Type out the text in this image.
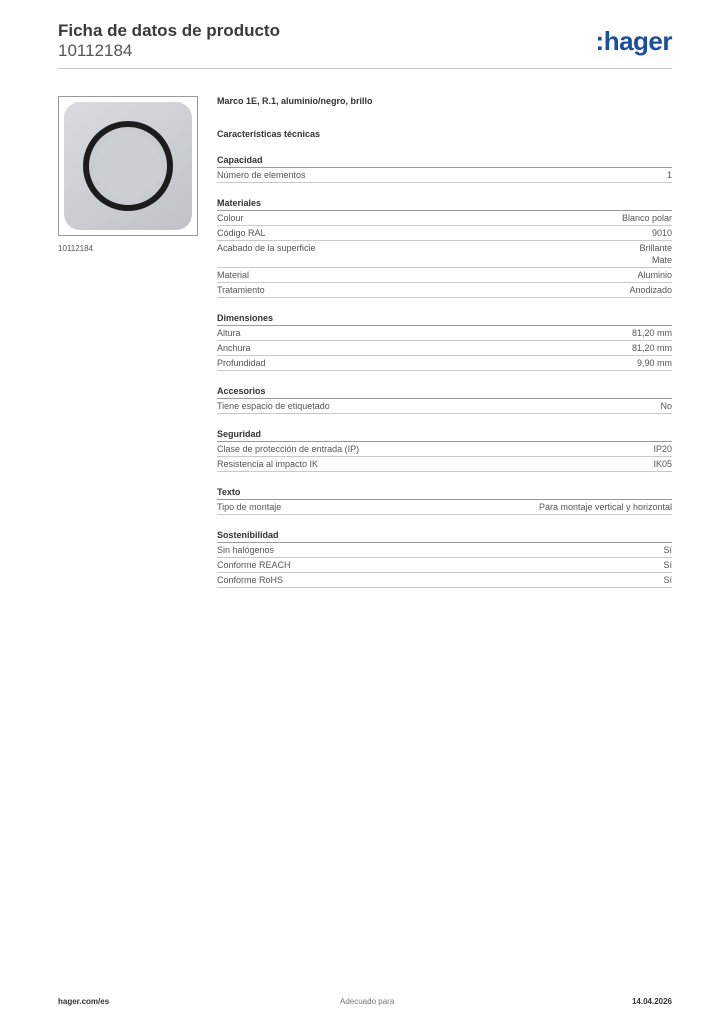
Ficha de datos de producto
10112184	:hager
10112184
Marco 1E, R.1, aluminio/negro, brillo
Características técnicas
Capacidad
Número de elementos	1
Materiales
Colour	Blanco polar
Código RAL	9010
Acabado de la superficie	Brillante
Mate
Material	Aluminio
Tratamiento	Anodizado
Dimensiones
Altura	81,20 mm
Anchura	81,20 mm
Profundidad	9,90 mm
Accesorios
Tiene espacio de etiquetado	No
Seguridad
Clase de protección de entrada (IP)	IP20
Resistencia al impacto IK	IK05
Texto
Tipo de montaje	Para montaje vertical y horizontal
Sostenibilidad
Sin halógenos	Sí
Conforme REACH	Sí
Conforme RoHS	Sí
hager.com/es	Adecuado para	14.04.2026
